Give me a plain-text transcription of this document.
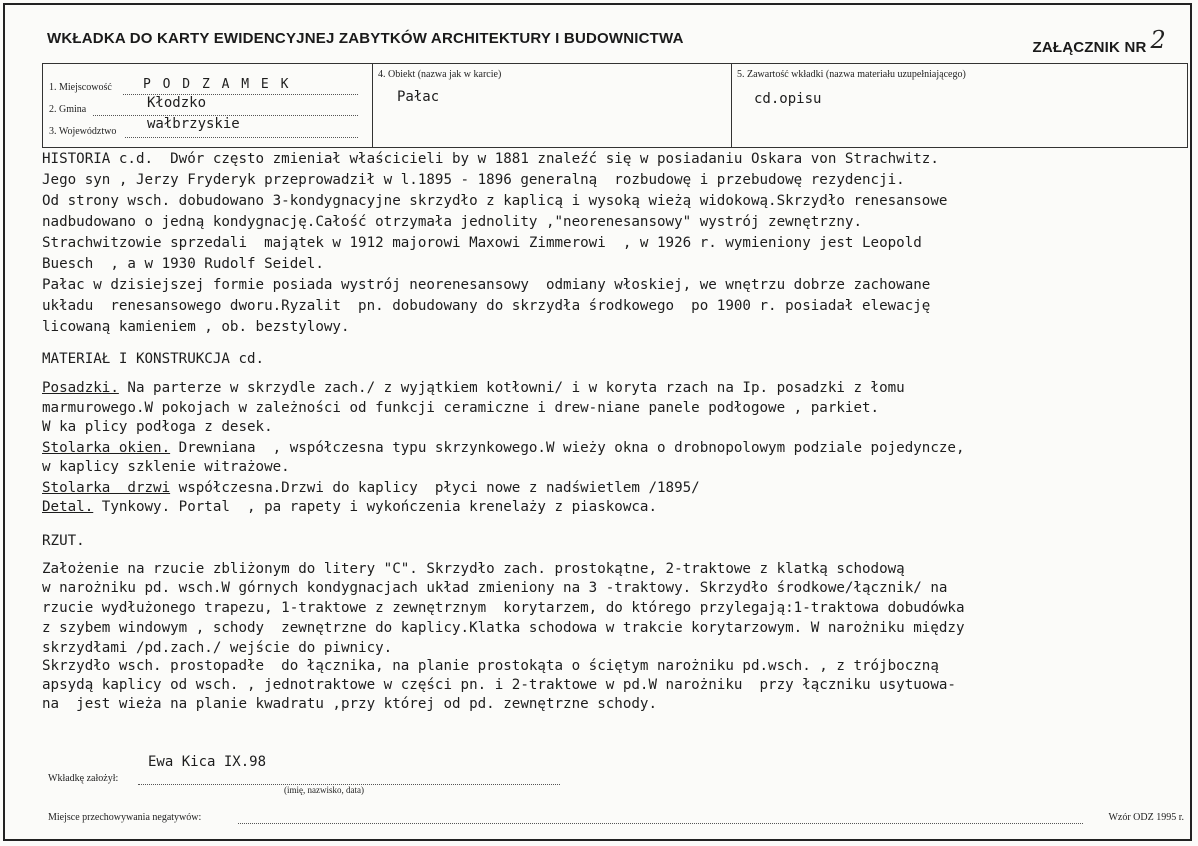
WKŁADKA DO KARTY EWIDENCYJNEJ ZABYTKÓW ARCHITEKTURY I BUDOWNICTWA
ZAŁĄCZNIK NR 2
1. Miejscowość P O D Z A M E K
2. Gmina	Kłodzko
3. Województwo wałbrzyskie
4. Obiekt (nazwa jak w karcie)
Pałac
5. Zawartość wkładki (nazwa materiału uzupełniającego)
cd.opisu
HISTORIA c.d.  Dwór często zmieniał właścicieli by w 1881 znaleźć się w posiadaniu Oskara von Strachwitz.
Jego syn , Jerzy Fryderyk przeprowadził w l.1895 - 1896 generalną  rozbudowę i przebudowę rezydencji.
Od strony wsch. dobudowano 3-kondygnacyjne skrzydło z kaplicą i wysoką wieżą widokową.Skrzydło renesansowe
nadbudowano o jedną kondygnację.Całość otrzymała jednolity ,"neorenesansowy" wystrój zewnętrzny.
Strachwitzowie sprzedali  majątek w 1912 majorowi Maxowi Zimmerowi  , w 1926 r. wymieniony jest Leopold
Buesch  , a w 1930 Rudolf Seidel.
Pałac w dzisiejszej formie posiada wystrój neorenesansowy  odmiany włoskiej, we wnętrzu dobrze zachowane
układu  renesansowego dworu.Ryzalit  pn. dobudowany do skrzydła środkowego  po 1900 r. posiadał elewację
licowaną kamieniem , ob. bezstylowy.
MATERIAŁ I KONSTRUKCJA cd.
Posadzki. Na parterze w skrzydle zach./ z wyjątkiem kotłowni/ i w koryta rzach na Ip. posadzki z łomu
marmurowego.W pokojach w zależności od funkcji ceramiczne i drew-niane panele podłogowe , parkiet.
W ka plicy podłoga z desek.
Stolarka okien. Drewniana  , współczesna typu skrzynkowego.W wieży okna o drobnopolowym podziale pojedyncze,
w kaplicy szklenie witrażowe.
Stolarka  drzwi współczesna.Drzwi do kaplicy  płyci nowe z nadświetlem /1895/
Detal. Tynkowy. Portal  , pa rapety i wykończenia krenelaży z piaskowca.
RZUT.
Założenie na rzucie zbliżonym do litery "C". Skrzydło zach. prostokątne, 2-traktowe z klatką schodową
w narożniku pd. wsch.W górnych kondygnacjach układ zmieniony na 3 -traktowy. Skrzydło środkowe/łącznik/ na
rzucie wydłużonego trapezu, 1-traktowe z zewnętrznym  korytarzem, do którego przylegają:1-traktowa dobudówka
z szybem windowym , schody  zewnętrzne do kaplicy.Klatka schodowa w trakcie korytarzowym. W narożniku między
skrzydłami /pd.zach./ wejście do piwnicy.
Skrzydło wsch. prostopadłe  do łącznika, na planie prostokąta o ściętym narożniku pd.wsch. , z trójboczną
apsydą kaplicy od wsch. , jednotraktowe w części pn. i 2-traktowe w pd.W narożniku  przy łączniku usytuowa-
na  jest wieża na planie kwadratu ,przy której od pd. zewnętrzne schody.
Ewa Kica IX.98
Wkładkę założył:
(imię, nazwisko, data)
Miejsce przechowywania negatywów:	Wzór ODZ 1995 r.
